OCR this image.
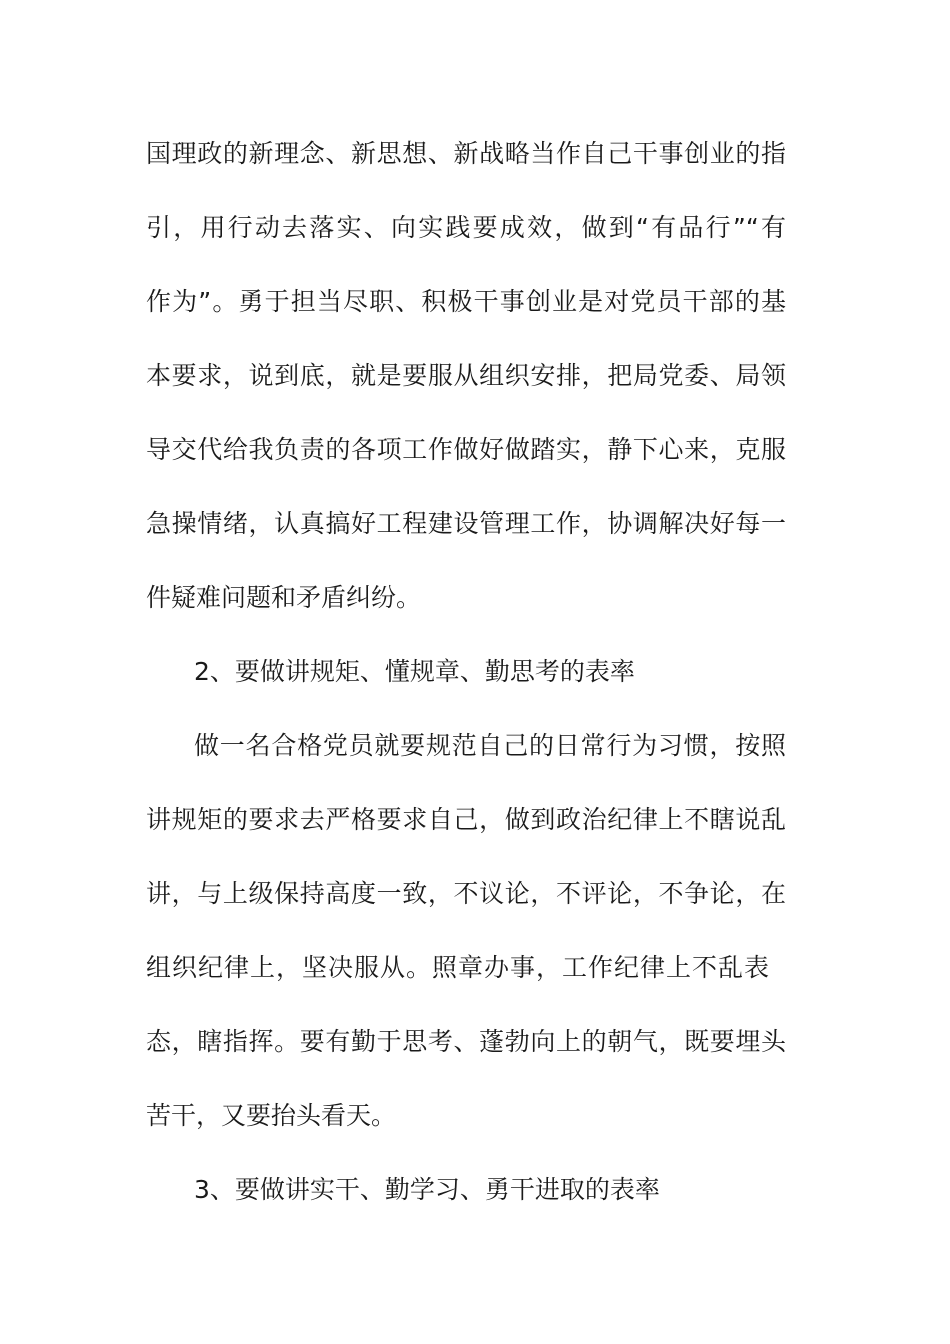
国理政的新理念、新思想、新战略当作自己干事创业的指
引，用行动去落实、向实践要成效，做到“有品行”“有
作为”。勇于担当尽职、积极干事创业是对党员干部的基
本要求，说到底，就是要服从组织安排，把局党委、局领
导交代给我负责的各项工作做好做踏实，静下心来，克服
急操情绪，认真搞好工程建设管理工作，协调解决好每一
件疑难问题和矛盾纠纷。
2、要做讲规矩、懂规章、勤思考的表率
做一名合格党员就要规范自己的日常行为习惯，按照
讲规矩的要求去严格要求自己，做到政治纪律上不瞎说乱
讲，与上级保持高度一致，不议论，不评论，不争论，在
组织纪律上，坚决服从。照章办事，工作纪律上不乱表
态，瞎指挥。要有勤于思考、蓬勃向上的朝气，既要埋头
苦干，又要抬头看天。
3、要做讲实干、勤学习、勇干进取的表率
